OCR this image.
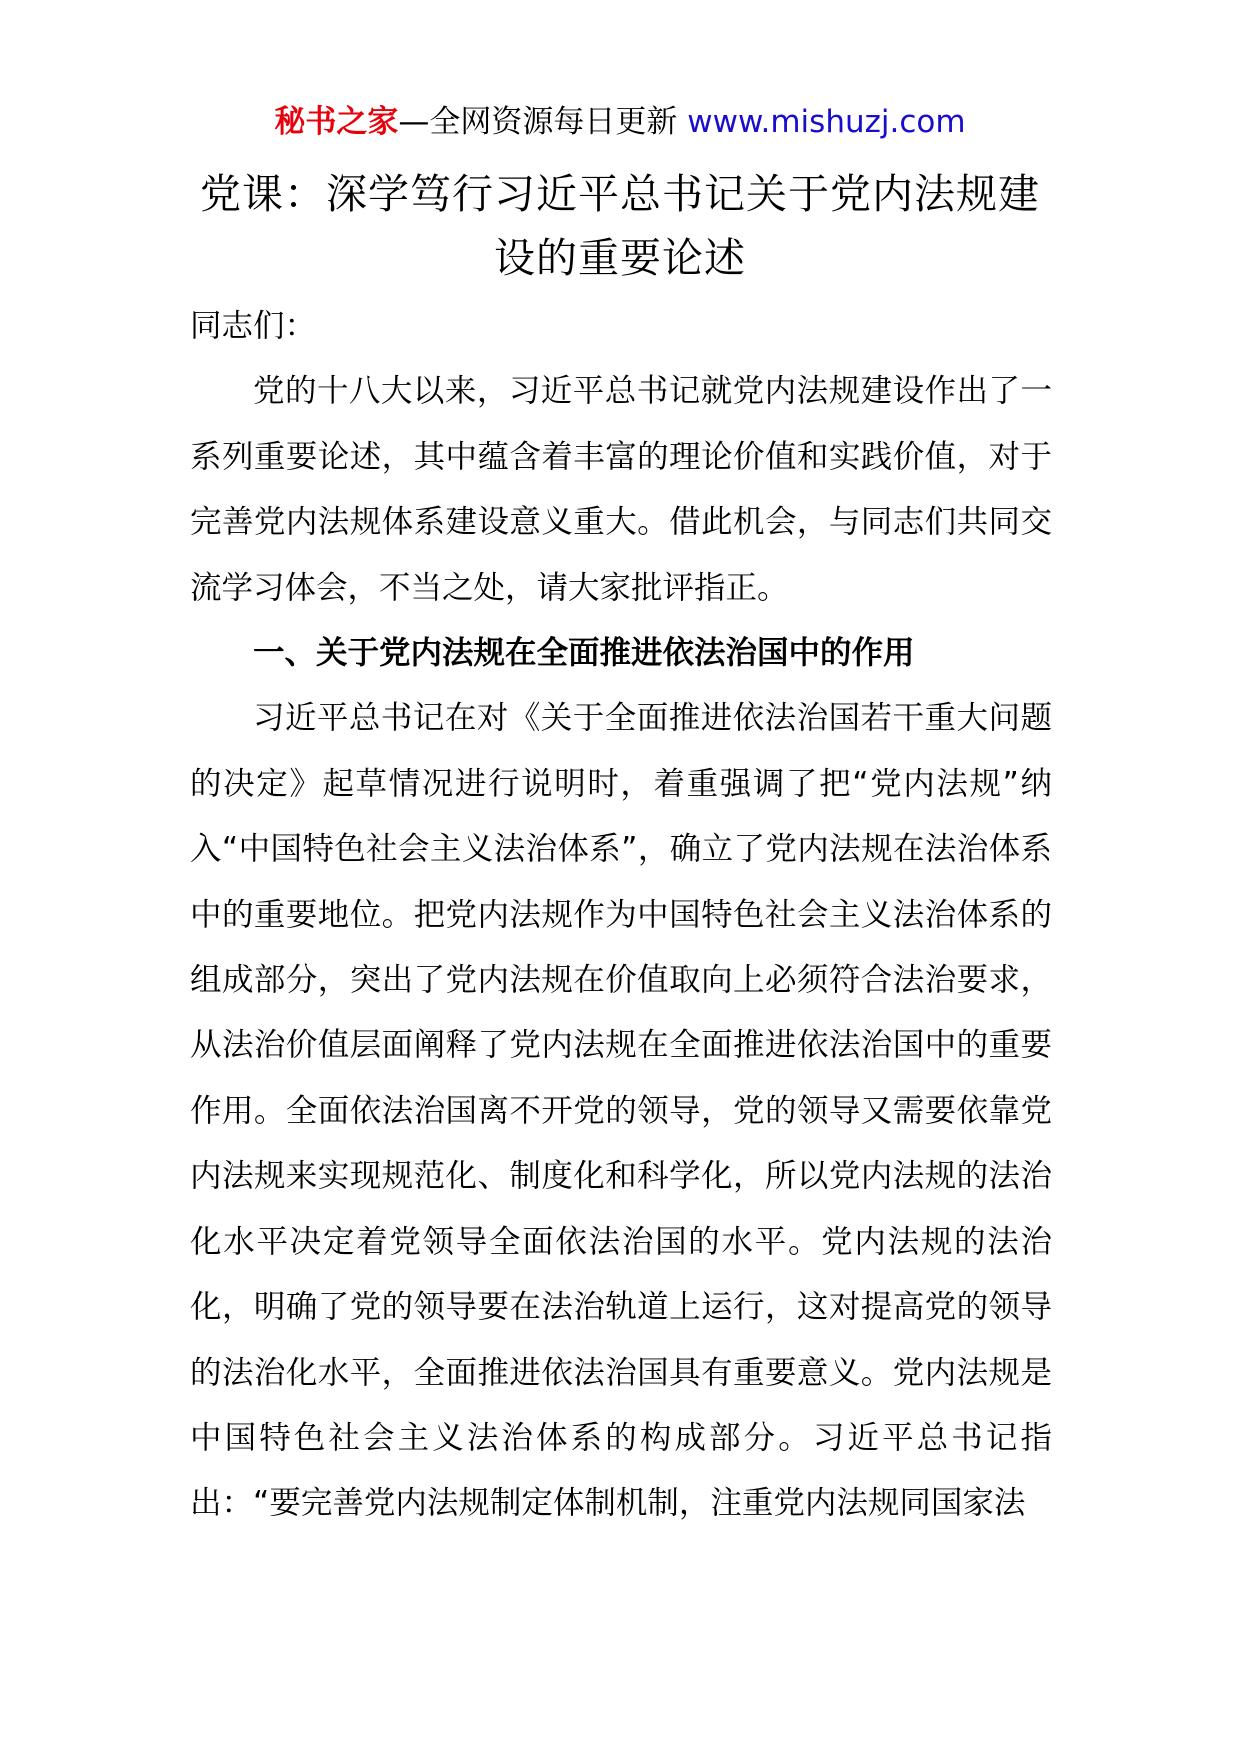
秘书之家—全网资源每日更新 www.mishuzj.com
党课：深学笃行习近平总书记关于党内法规建设的重要论述

同志们：

党的十八大以来，习近平总书记就党内法规建设作出了一系列重要论述，其中蕴含着丰富的理论价值和实践价值，对于完善党内法规体系建设意义重大。借此机会，与同志们共同交流学习体会，不当之处，请大家批评指正。

一、关于党内法规在全面推进依法治国中的作用

习近平总书记在对《关于全面推进依法治国若干重大问题的决定》起草情况进行说明时，着重强调了把“党内法规”纳入“中国特色社会主义法治体系”，确立了党内法规在法治体系中的重要地位。把党内法规作为中国特色社会主义法治体系的组成部分，突出了党内法规在价值取向上必须符合法治要求，从法治价值层面阐释了党内法规在全面推进依法治国中的重要作用。全面依法治国离不开党的领导，党的领导又需要依靠党内法规来实现规范化、制度化和科学化，所以党内法规的法治化水平决定着党领导全面依法治国的水平。党内法规的法治化，明确了党的领导要在法治轨道上运行，这对提高党的领导的法治化水平，全面推进依法治国具有重要意义。党内法规是中国特色社会主义法治体系的构成部分。习近平总书记指出：“要完善党内法规制定体制机制，注重党内法规同国家法
